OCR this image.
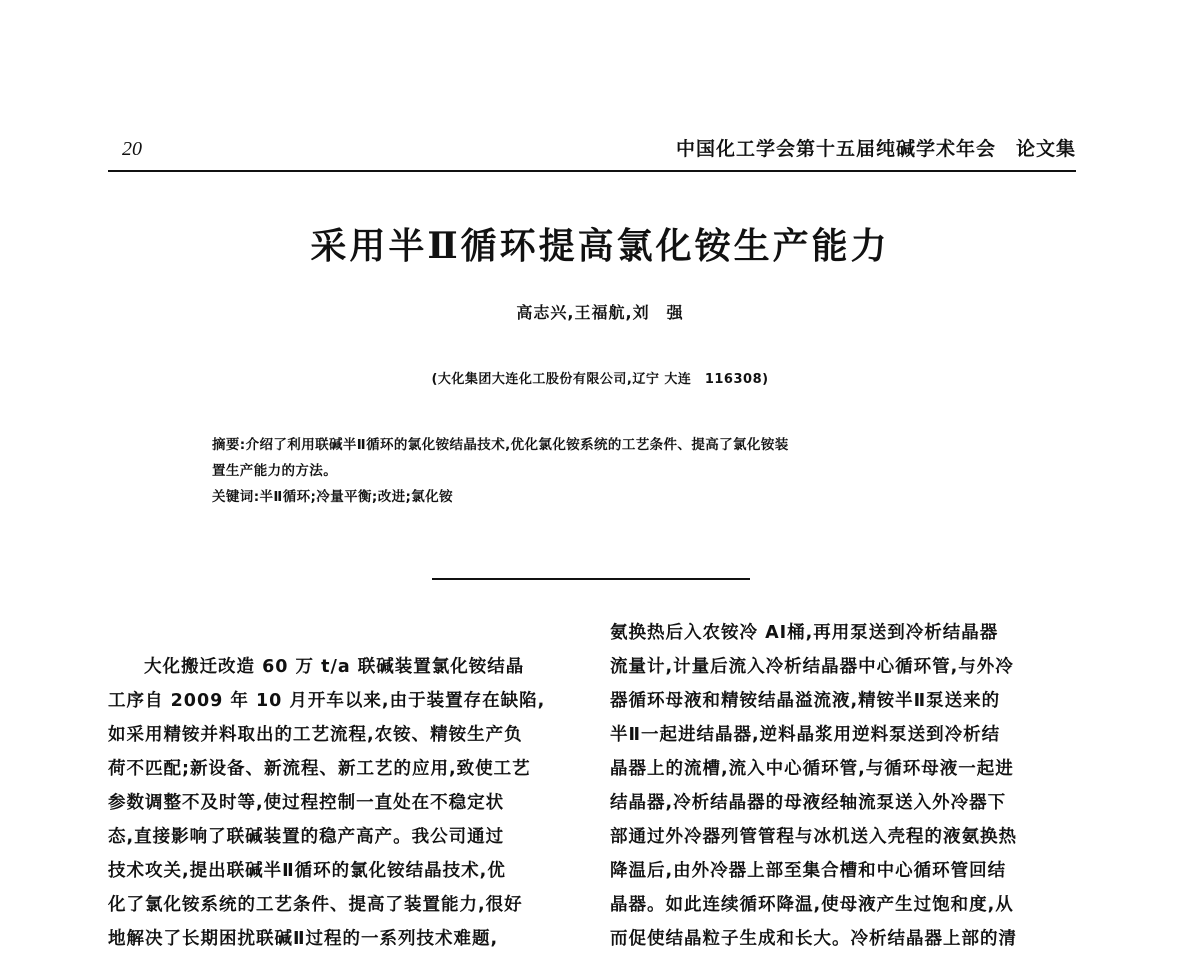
20	中国化工学会第十五届纯碱学术年会　论文集
采用半Ⅱ循环提高氯化铵生产能力
高志兴,王福航,刘　强
(大化集团大连化工股份有限公司,辽宁 大连　116308)

摘要:介绍了利用联碱半Ⅱ循环的氯化铵结晶技术,优化氯化铵系统的工艺条件、提高了氯化铵装

置生产能力的方法。

关键词:半Ⅱ循环;冷量平衡;改进;氯化铵

大化搬迁改造 60 万 t/a 联碱装置氯化铵结晶
工序自 2009 年 10 月开车以来,由于装置存在缺陷,
如采用精铵并料取出的工艺流程,农铵、精铵生产负
荷不匹配;新设备、新流程、新工艺的应用,致使工艺
参数调整不及时等,使过程控制一直处在不稳定状
态,直接影响了联碱装置的稳产高产。我公司通过
技术攻关,提出联碱半Ⅱ循环的氯化铵结晶技术,优
化了氯化铵系统的工艺条件、提高了装置能力,很好
地解决了长期困扰联碱Ⅱ过程的一系列技术难题,
氨换热后入农铵冷 AⅠ桶,再用泵送到冷析结晶器
流量计,计量后流入冷析结晶器中心循环管,与外冷
器循环母液和精铵结晶溢流液,精铵半Ⅱ泵送来的
半Ⅱ一起进结晶器,逆料晶浆用逆料泵送到冷析结
晶器上的流槽,流入中心循环管,与循环母液一起进
结晶器,冷析结晶器的母液经轴流泵送入外冷器下
部通过外冷器列管管程与冰机送入壳程的液氨换热
降温后,由外冷器上部至集合槽和中心循环管回结
晶器。如此连续循环降温,使母液产生过饱和度,从
而促使结晶粒子生成和长大。冷析结晶器上部的清
